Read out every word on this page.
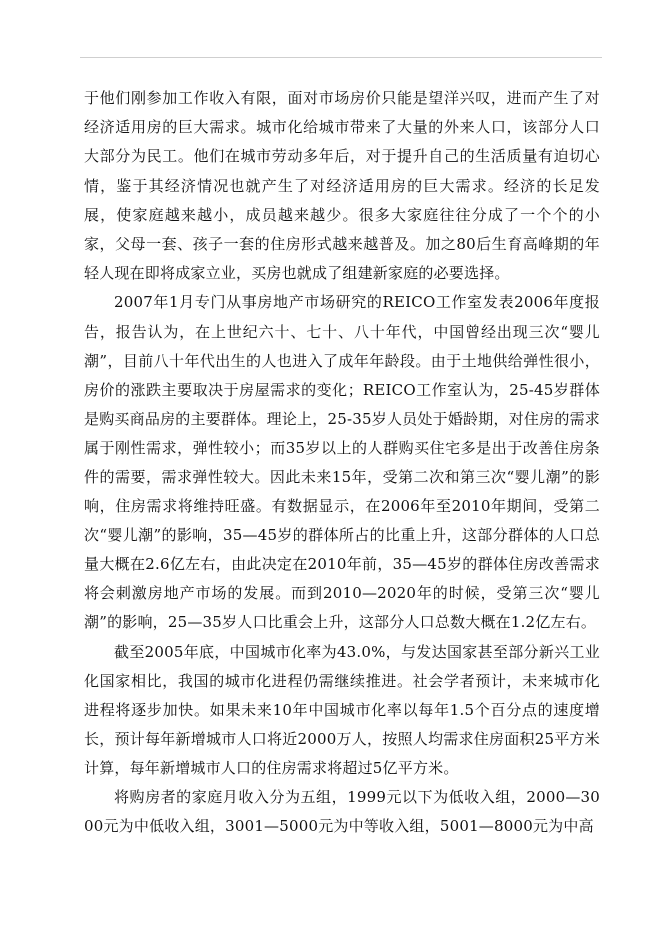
于他们刚参加工作收入有限，面对市场房价只能是望洋兴叹，进而产生了对经济适用房的巨大需求。城市化给城市带来了大量的外来人口，该部分人口大部分为民工。他们在城市劳动多年后，对于提升自己的生活质量有迫切心情，鉴于其经济情况也就产生了对经济适用房的巨大需求。经济的长足发展，使家庭越来越小，成员越来越少。很多大家庭往往分成了一个个的小家，父母一套、孩子一套的住房形式越来越普及。加之80后生育高峰期的年轻人现在即将成家立业，买房也就成了组建新家庭的必要选择。

2007年1月专门从事房地产市场研究的REICO工作室发表2006年度报告，报告认为，在上世纪六十、七十、八十年代，中国曾经出现三次“婴儿潮”，目前八十年代出生的人也进入了成年年龄段。由于土地供给弹性很小，房价的涨跌主要取决于房屋需求的变化；REICO工作室认为，25-45岁群体是购买商品房的主要群体。理论上，25-35岁人员处于婚龄期，对住房的需求属于刚性需求，弹性较小；而35岁以上的人群购买住宅多是出于改善住房条件的需要，需求弹性较大。因此未来15年，受第二次和第三次“婴儿潮”的影响，住房需求将维持旺盛。有数据显示，在2006年至2010年期间，受第二次“婴儿潮”的影响，35—45岁的群体所占的比重上升，这部分群体的人口总量大概在2.6亿左右，由此决定在2010年前，35—45岁的群体住房改善需求将会刺激房地产市场的发展。而到2010—2020年的时候，受第三次“婴儿潮”的影响，25—35岁人口比重会上升，这部分人口总数大概在1.2亿左右。

截至2005年底，中国城市化率为43.0%，与发达国家甚至部分新兴工业化国家相比，我国的城市化进程仍需继续推进。社会学者预计，未来城市化进程将逐步加快。如果未来10年中国城市化率以每年1.5个百分点的速度增长，预计每年新增城市人口将近2000万人，按照人均需求住房面积25平方米计算，每年新增城市人口的住房需求将超过5亿平方米。

将购房者的家庭月收入分为五组，1999元以下为低收入组，2000—3000元为中低收入组，3001—5000元为中等收入组，5001—8000元为中高
